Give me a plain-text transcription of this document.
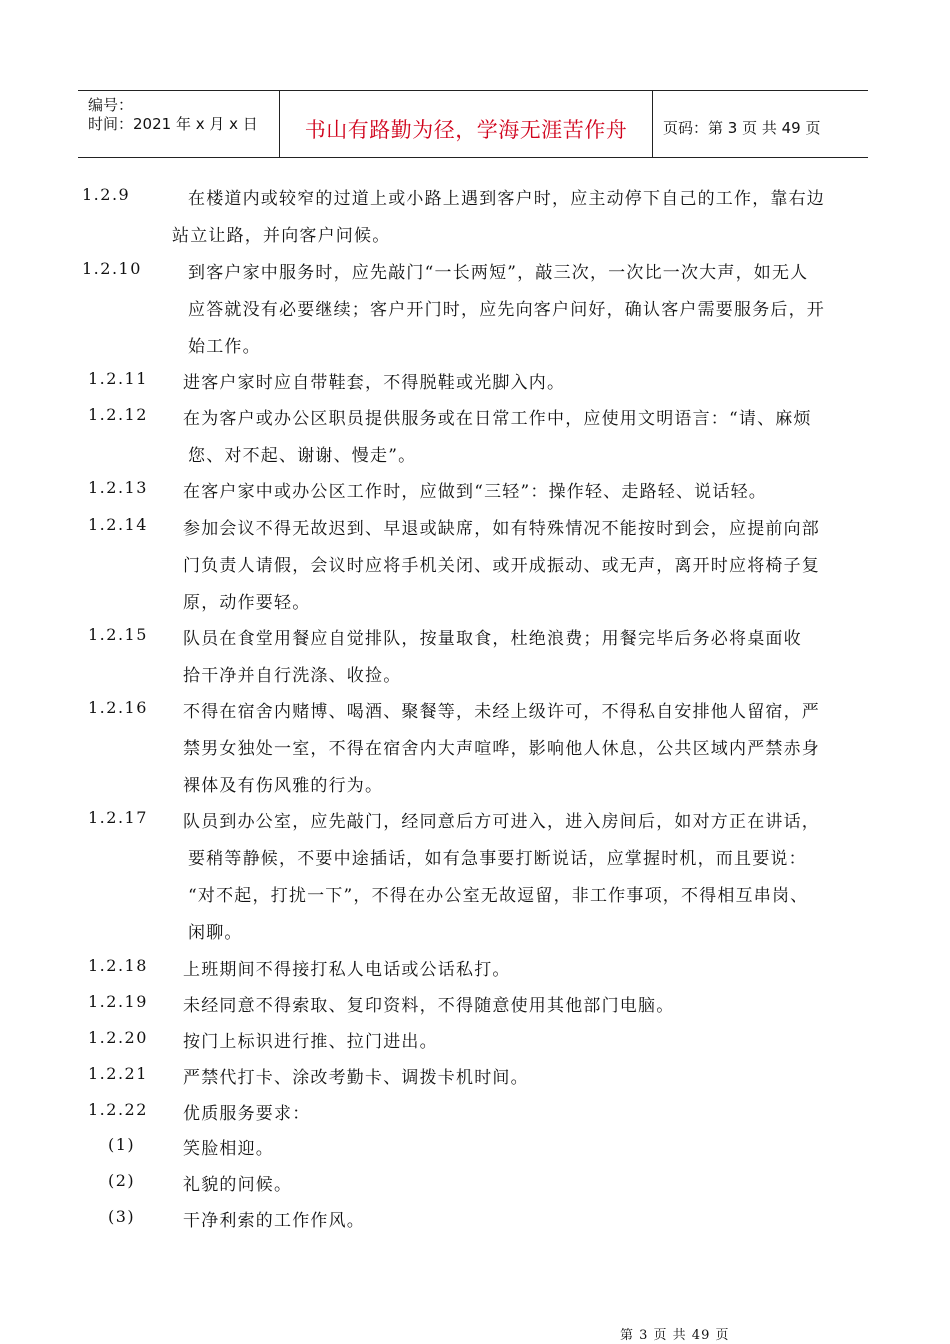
编号：
时间：2021 年 x 月 x 日	书山有路勤为径，学海无涯苦作舟	页码：第 3 页 共 49 页
1.2.9	在楼道内或较窄的过道上或小路上遇到客户时，应主动停下自己的工作，靠右边
站立让路，并向客户问候。
1.2.10	到客户家中服务时，应先敲门“一长两短”，敲三次，一次比一次大声，如无人
应答就没有必要继续；客户开门时，应先向客户问好，确认客户需要服务后，开
始工作。
1.2.11 进客户家时应自带鞋套，不得脱鞋或光脚入内。
1.2.12 在为客户或办公区职员提供服务或在日常工作中，应使用文明语言：“请、麻烦
您、对不起、谢谢、慢走”。
1.2.13 在客户家中或办公区工作时，应做到“三轻”：操作轻、走路轻、说话轻。
1.2.14 参加会议不得无故迟到、早退或缺席，如有特殊情况不能按时到会，应提前向部
门负责人请假，会议时应将手机关闭、或开成振动、或无声，离开时应将椅子复
原，动作要轻。
1.2.15 队员在食堂用餐应自觉排队，按量取食，杜绝浪费；用餐完毕后务必将桌面收
拾干净并自行洗涤、收捡。
1.2.16 不得在宿舍内赌博、喝酒、聚餐等，未经上级许可，不得私自安排他人留宿，严
禁男女独处一室，不得在宿舍内大声喧哗，影响他人休息，公共区域内严禁赤身
裸体及有伤风雅的行为。
1.2.17 队员到办公室，应先敲门，经同意后方可进入，进入房间后，如对方正在讲话，
要稍等静候，不要中途插话，如有急事要打断说话，应掌握时机，而且要说：
“对不起，打扰一下”，不得在办公室无故逗留，非工作事项，不得相互串岗、
闲聊。
1.2.18 上班期间不得接打私人电话或公话私打。
1.2.19 未经同意不得索取、复印资料，不得随意使用其他部门电脑。
1.2.20 按门上标识进行推、拉门进出。
1.2.21 严禁代打卡、涂改考勤卡、调拨卡机时间。
1.2.22 优质服务要求：
(1)	笑脸相迎。
(2)	礼貌的问候。
(3)	干净利索的工作作风。
第 3 页 共 49 页
